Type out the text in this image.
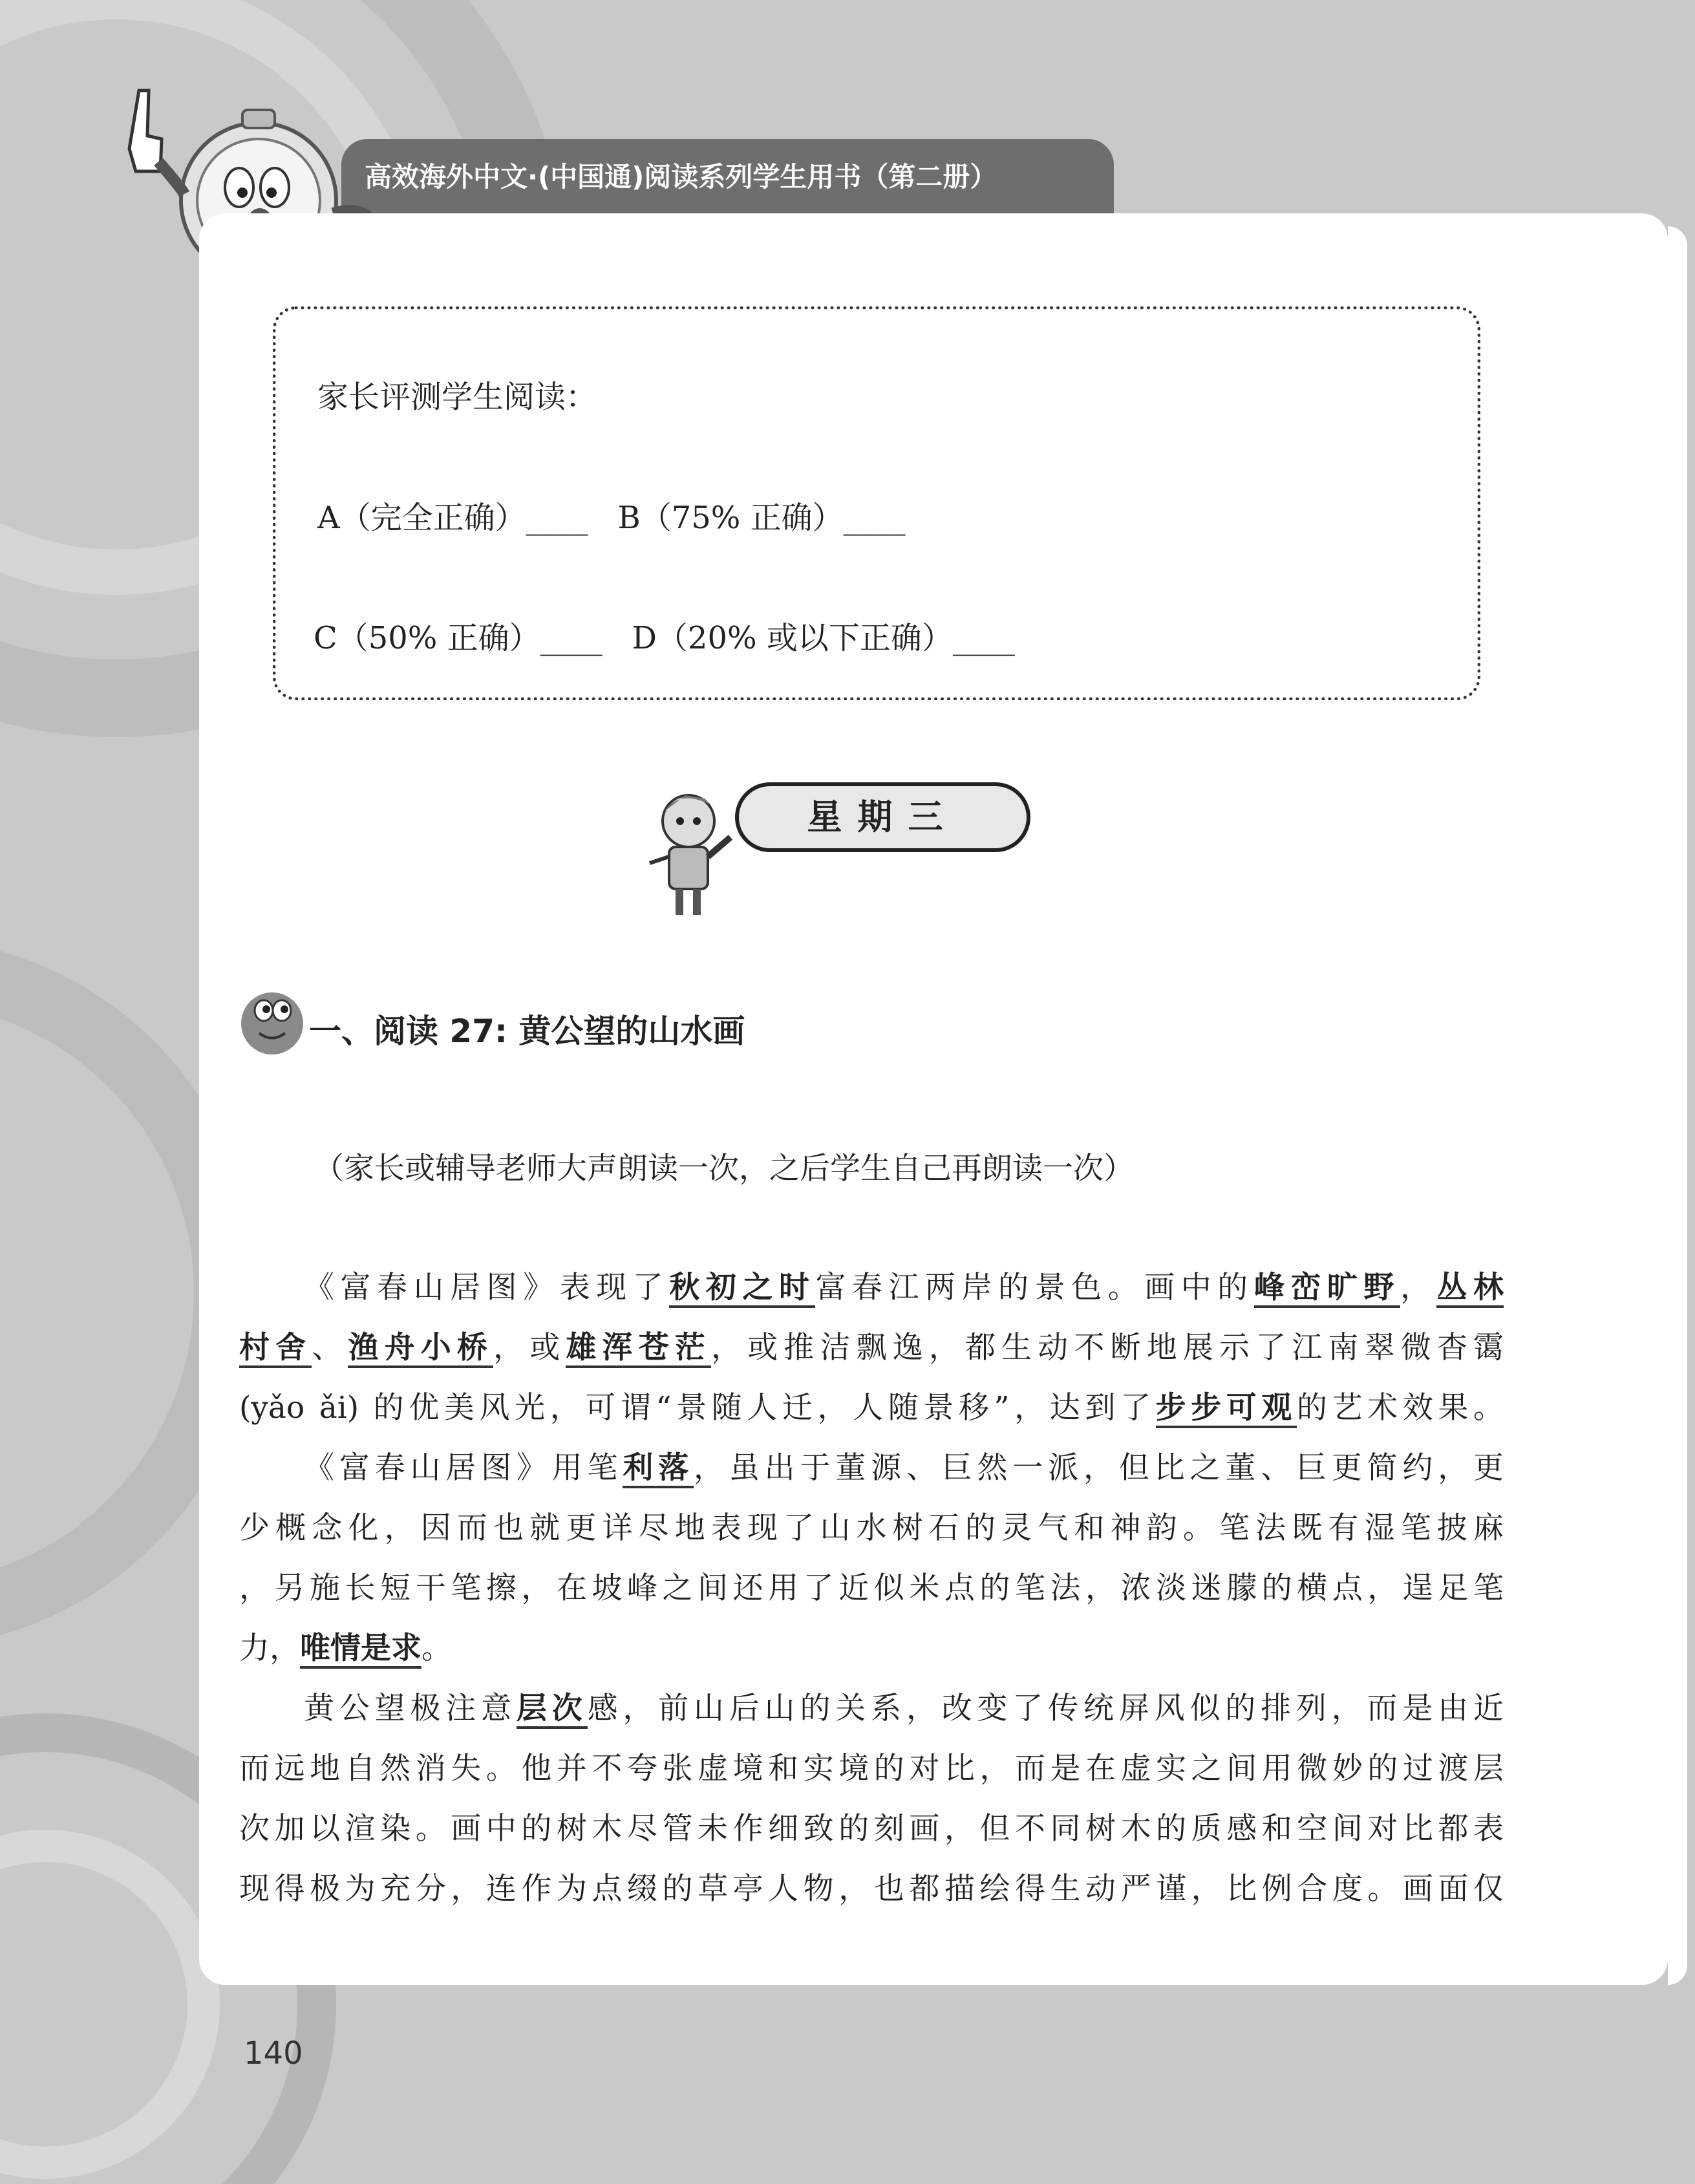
高效海外中文·(中国通)阅读系列学生用书（第二册）
家长评测学生阅读：
A（完全正确）____   B（75% 正确）____
C（50% 正确）____   D（20% 或以下正确）____
星期三
一、阅读 27: 黄公望的山水画
（家长或辅导老师大声朗读一次，之后学生自己再朗读一次）
《富春山居图》表现了秋初之时富春江两岸的景色。画中的峰峦旷野，丛林
村舍、渔舟小桥，或雄浑苍茫，或推洁飘逸，都生动不断地展示了江南翠微杳霭
(yǎo ǎi) 的优美风光，可谓“景随人迁，人随景移”，达到了步步可观的艺术效果。
《富春山居图》用笔利落，虽出于董源、巨然一派，但比之董、巨更简约，更
少概念化，因而也就更详尽地表现了山水树石的灵气和神韵。笔法既有湿笔披麻
，另施长短干笔擦，在坡峰之间还用了近似米点的笔法，浓淡迷朦的横点，逞足笔
力，唯情是求。
黄公望极注意层次感，前山后山的关系，改变了传统屏风似的排列，而是由近
而远地自然消失。他并不夸张虚境和实境的对比，而是在虚实之间用微妙的过渡层
次加以渲染。画中的树木尽管未作细致的刻画，但不同树木的质感和空间对比都表
现得极为充分，连作为点缀的草亭人物，也都描绘得生动严谨，比例合度。画面仅
140
